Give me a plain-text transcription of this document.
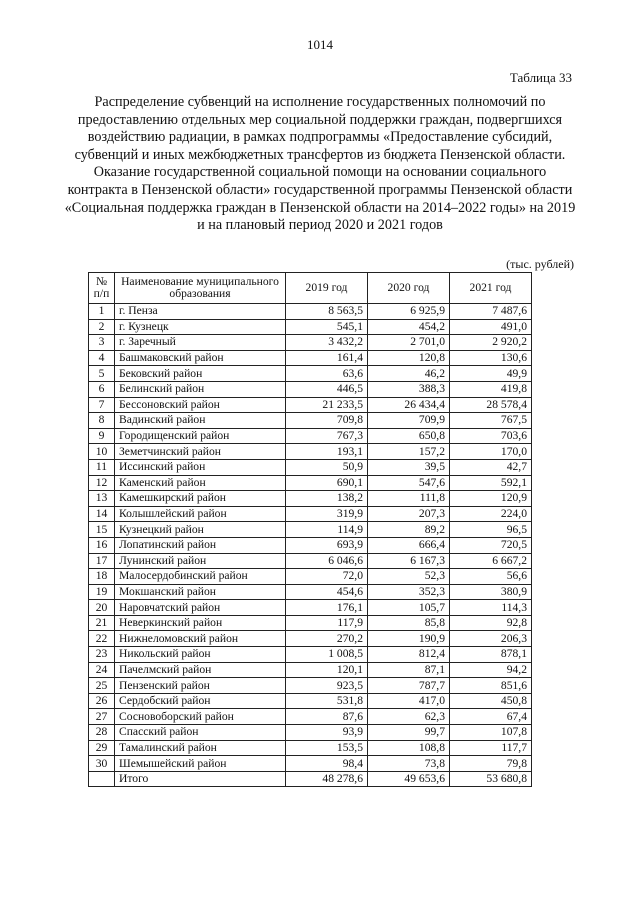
1014
Таблица 33

Распределение субвенций на исполнение государственных полномочий по предоставлению отдельных мер социальной поддержки граждан, подвергшихся воздействию радиации, в рамках подпрограммы «Предоставление субсидий, субвенций и иных межбюджетных трансфертов из бюджета Пензенской области. Оказание государственной социальной помощи на основании социального контракта в Пензенской области» государственной программы Пензенской области «Социальная поддержка граждан в Пензенской области на 2014–2022 годы» на 2019 и на плановый период 2020 и 2021 годов

(тыс. рублей)
№ п/п	Наименование муниципального образования	2019 год	2020 год	2021 год
1	г. Пенза	8 563,5	6 925,9	7 487,6
2	г. Кузнецк	545,1	454,2	491,0
3	г. Заречный	3 432,2	2 701,0	2 920,2
4	Башмаковский район	161,4	120,8	130,6
5	Бековский район	63,6	46,2	49,9
6	Белинский район	446,5	388,3	419,8
7	Бессоновский район	21 233,5	26 434,4	28 578,4
8	Вадинский район	709,8	709,9	767,5
9	Городищенский район	767,3	650,8	703,6
10	Земетчинский район	193,1	157,2	170,0
11	Иссинский район	50,9	39,5	42,7
12	Каменский район	690,1	547,6	592,1
13	Камешкирский район	138,2	111,8	120,9
14	Колышлейский район	319,9	207,3	224,0
15	Кузнецкий район	114,9	89,2	96,5
16	Лопатинский район	693,9	666,4	720,5
17	Лунинский район	6 046,6	6 167,3	6 667,2
18	Малосердобинский район	72,0	52,3	56,6
19	Мокшанский район	454,6	352,3	380,9
20	Наровчатский район	176,1	105,7	114,3
21	Неверкинский район	117,9	85,8	92,8
22	Нижнеломовский район	270,2	190,9	206,3
23	Никольский район	1 008,5	812,4	878,1
24	Пачелмский район	120,1	87,1	94,2
25	Пензенский район	923,5	787,7	851,6
26	Сердобский район	531,8	417,0	450,8
27	Сосновоборский район	87,6	62,3	67,4
28	Спасский район	93,9	99,7	107,8
29	Тамалинский район	153,5	108,8	117,7
30	Шемышейский район	98,4	73,8	79,8
	Итого	48 278,6	49 653,6	53 680,8
